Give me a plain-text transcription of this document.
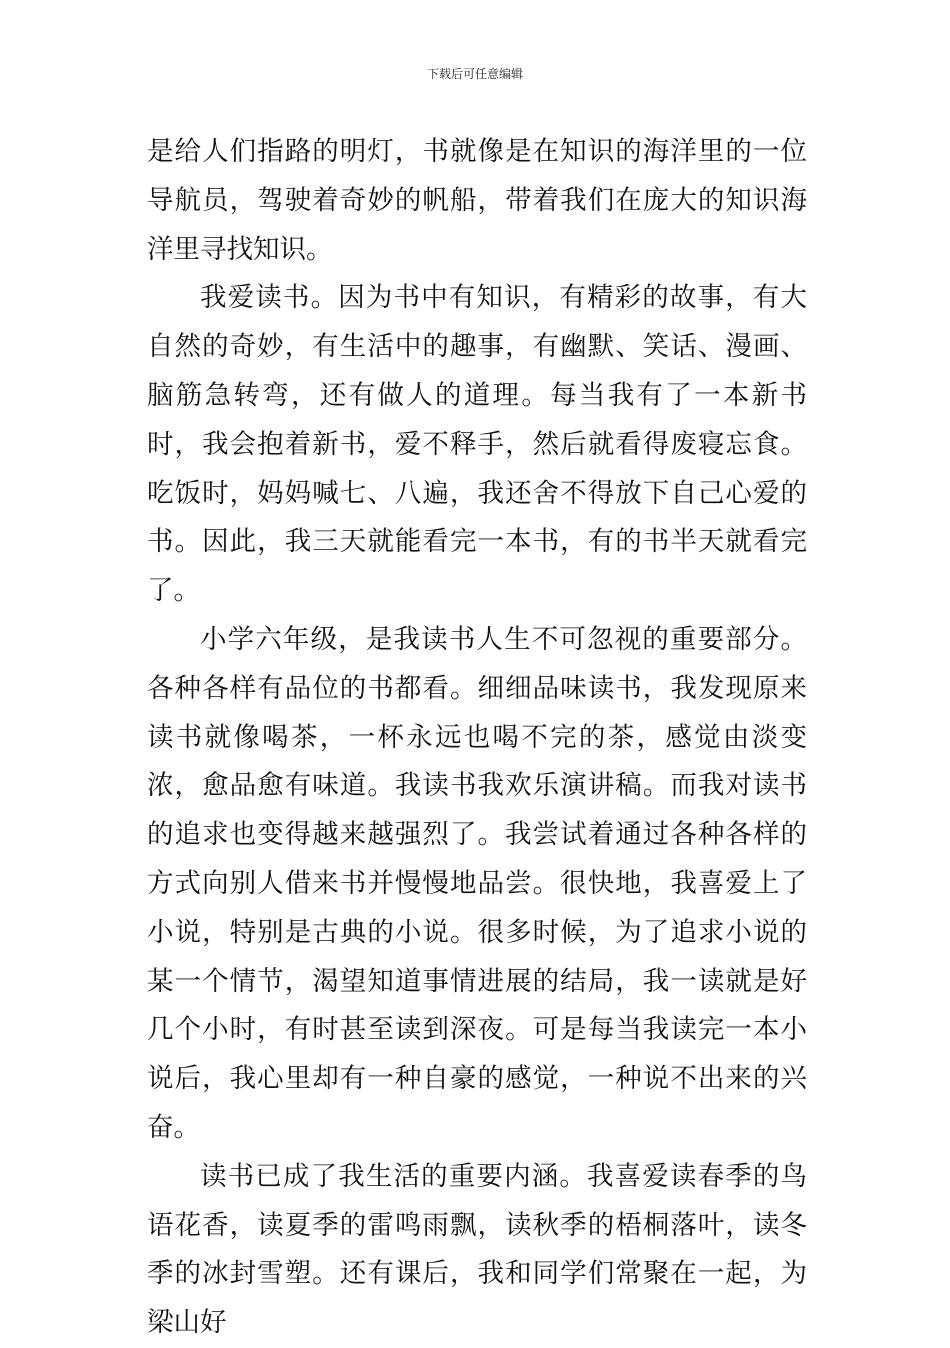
下载后可任意编辑

是给人们指路的明灯，书就像是在知识的海洋里的一位导航员，驾驶着奇妙的帆船，带着我们在庞大的知识海洋里寻找知识。

我爱读书。因为书中有知识，有精彩的故事，有大自然的奇妙，有生活中的趣事，有幽默、笑话、漫画、脑筋急转弯，还有做人的道理。每当我有了一本新书时，我会抱着新书，爱不释手，然后就看得废寝忘食。吃饭时，妈妈喊七、八遍，我还舍不得放下自己心爱的书。因此，我三天就能看完一本书，有的书半天就看完了。

小学六年级，是我读书人生不可忽视的重要部分。各种各样有品位的书都看。细细品味读书，我发现原来读书就像喝茶，一杯永远也喝不完的茶，感觉由淡变浓，愈品愈有味道。我读书我欢乐演讲稿。而我对读书的追求也变得越来越强烈了。我尝试着通过各种各样的方式向别人借来书并慢慢地品尝。很快地，我喜爱上了小说，特别是古典的小说。很多时候，为了追求小说的某一个情节，渴望知道事情进展的结局，我一读就是好几个小时，有时甚至读到深夜。可是每当我读完一本小说后，我心里却有一种自豪的感觉，一种说不出来的兴奋。

读书已成了我生活的重要内涵。我喜爱读春季的鸟语花香，读夏季的雷鸣雨飘，读秋季的梧桐落叶，读冬季的冰封雪塑。还有课后，我和同学们常聚在一起，为梁山好
